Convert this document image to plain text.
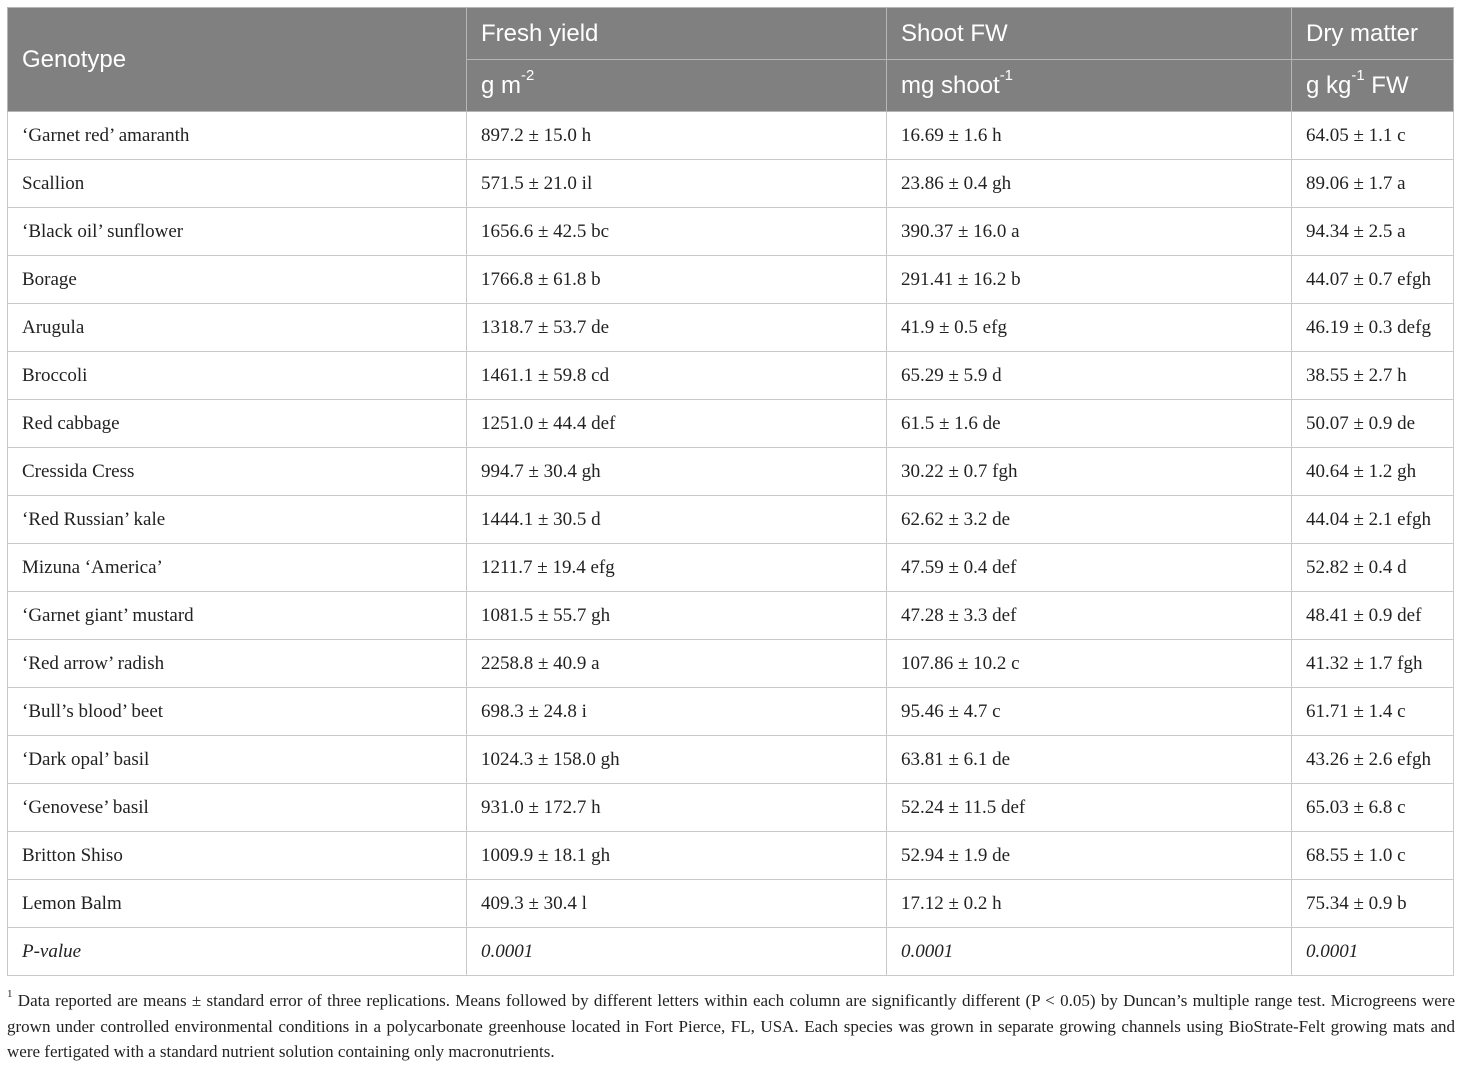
Genotype	Fresh yield	Shoot FW	Dry matter
	g $m^{-2}$	mg shoot$^{-1}$	g $kg^{-1}$ FW
‘Garnet red’ amaranth	897.2 ± 15.0 h	16.69 ± 1.6 h	64.05 ± 1.1 c
Scallion	571.5 ± 21.0 il	23.86 ± 0.4 gh	89.06 ± 1.7 a
‘Black oil’ sunflower	1656.6 ± 42.5 bc	390.37 ± 16.0 a	94.34 ± 2.5 a
Borage	1766.8 ± 61.8 b	291.41 ± 16.2 b	44.07 ± 0.7 efgh
Arugula	1318.7 ± 53.7 de	41.9 ± 0.5 efg	46.19 ± 0.3 defg
Broccoli	1461.1 ± 59.8 cd	65.29 ± 5.9 d	38.55 ± 2.7 h
Red cabbage	1251.0 ± 44.4 def	61.5 ± 1.6 de	50.07 ± 0.9 de
Cressida Cress	994.7 ± 30.4 gh	30.22 ± 0.7 fgh	40.64 ± 1.2 gh
‘Red Russian’ kale	1444.1 ± 30.5 d	62.62 ± 3.2 de	44.04 ± 2.1 efgh
Mizuna ‘America’	1211.7 ± 19.4 efg	47.59 ± 0.4 def	52.82 ± 0.4 d
‘Garnet giant’ mustard	1081.5 ± 55.7 gh	47.28 ± 3.3 def	48.41 ± 0.9 def
‘Red arrow’ radish	2258.8 ± 40.9 a	107.86 ± 10.2 c	41.32 ± 1.7 fgh
‘Bull’s blood’ beet	698.3 ± 24.8 i	95.46 ± 4.7 c	61.71 ± 1.4 c
‘Dark opal’ basil	1024.3 ± 158.0 gh	63.81 ± 6.1 de	43.26 ± 2.6 efgh
‘Genovese’ basil	931.0 ± 172.7 h	52.24 ± 11.5 def	65.03 ± 6.8 c
Britton Shiso	1009.9 ± 18.1 gh	52.94 ± 1.9 de	68.55 ± 1.0 c
Lemon Balm	409.3 ± 30.4 l	17.12 ± 0.2 h	75.34 ± 0.9 b
P-value	0.0001	0.0001	0.0001
$^1$ Data reported are means ± standard error of three replications. Means followed by different letters within each column are significantly different (P < 0.05) by Duncan’s multiple range test. Microgreens were grown under controlled environmental conditions in a polycarbonate greenhouse located in Fort Pierce, FL, USA. Each species was grown in separate growing channels using BioStrate-Felt growing mats and were fertigated with a standard nutrient solution containing only macronutrients.
